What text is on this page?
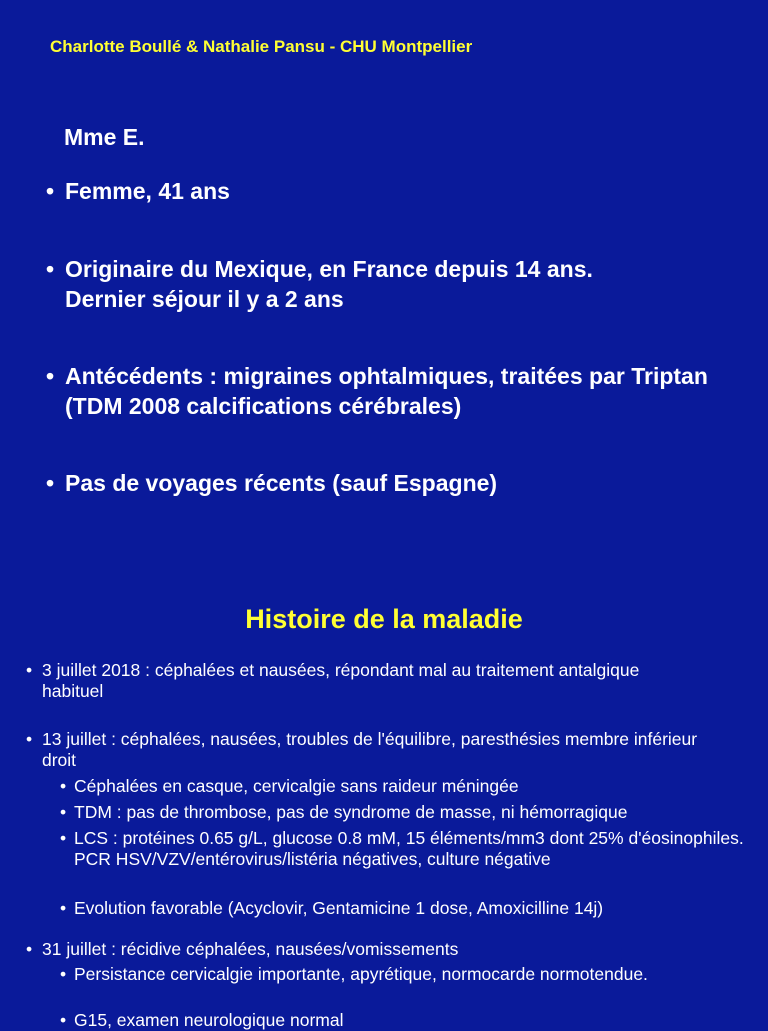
Charlotte Boullé & Nathalie Pansu - CHU Montpellier
Mme E.
• Femme, 41 ans
• Originaire du Mexique, en France depuis 14 ans. Dernier séjour il y a 2 ans
• Antécédents : migraines ophtalmiques, traitées par Triptan (TDM 2008 calcifications cérébrales)
• Pas de voyages récents (sauf Espagne)
Histoire de la maladie
• 3 juillet 2018 : céphalées et nausées, répondant mal au traitement antalgique habituel
• 13 juillet : céphalées, nausées, troubles de l'équilibre, paresthésies membre inférieur droit
• Céphalées en casque, cervicalgie sans raideur méningée
• TDM : pas de thrombose, pas de syndrome de masse, ni hémorragique
• LCS : protéines 0.65 g/L, glucose 0.8 mM, 15 éléments/mm3 dont 25% d'éosinophiles. PCR HSV/VZV/entérovirus/listéria négatives, culture négative
• Evolution favorable (Acyclovir, Gentamicine 1 dose, Amoxicilline 14j)
• 31 juillet : récidive céphalées, nausées/vomissements
• Persistance cervicalgie importante, apyrétique, normocarde normotendue.
• G15, examen neurologique normal
